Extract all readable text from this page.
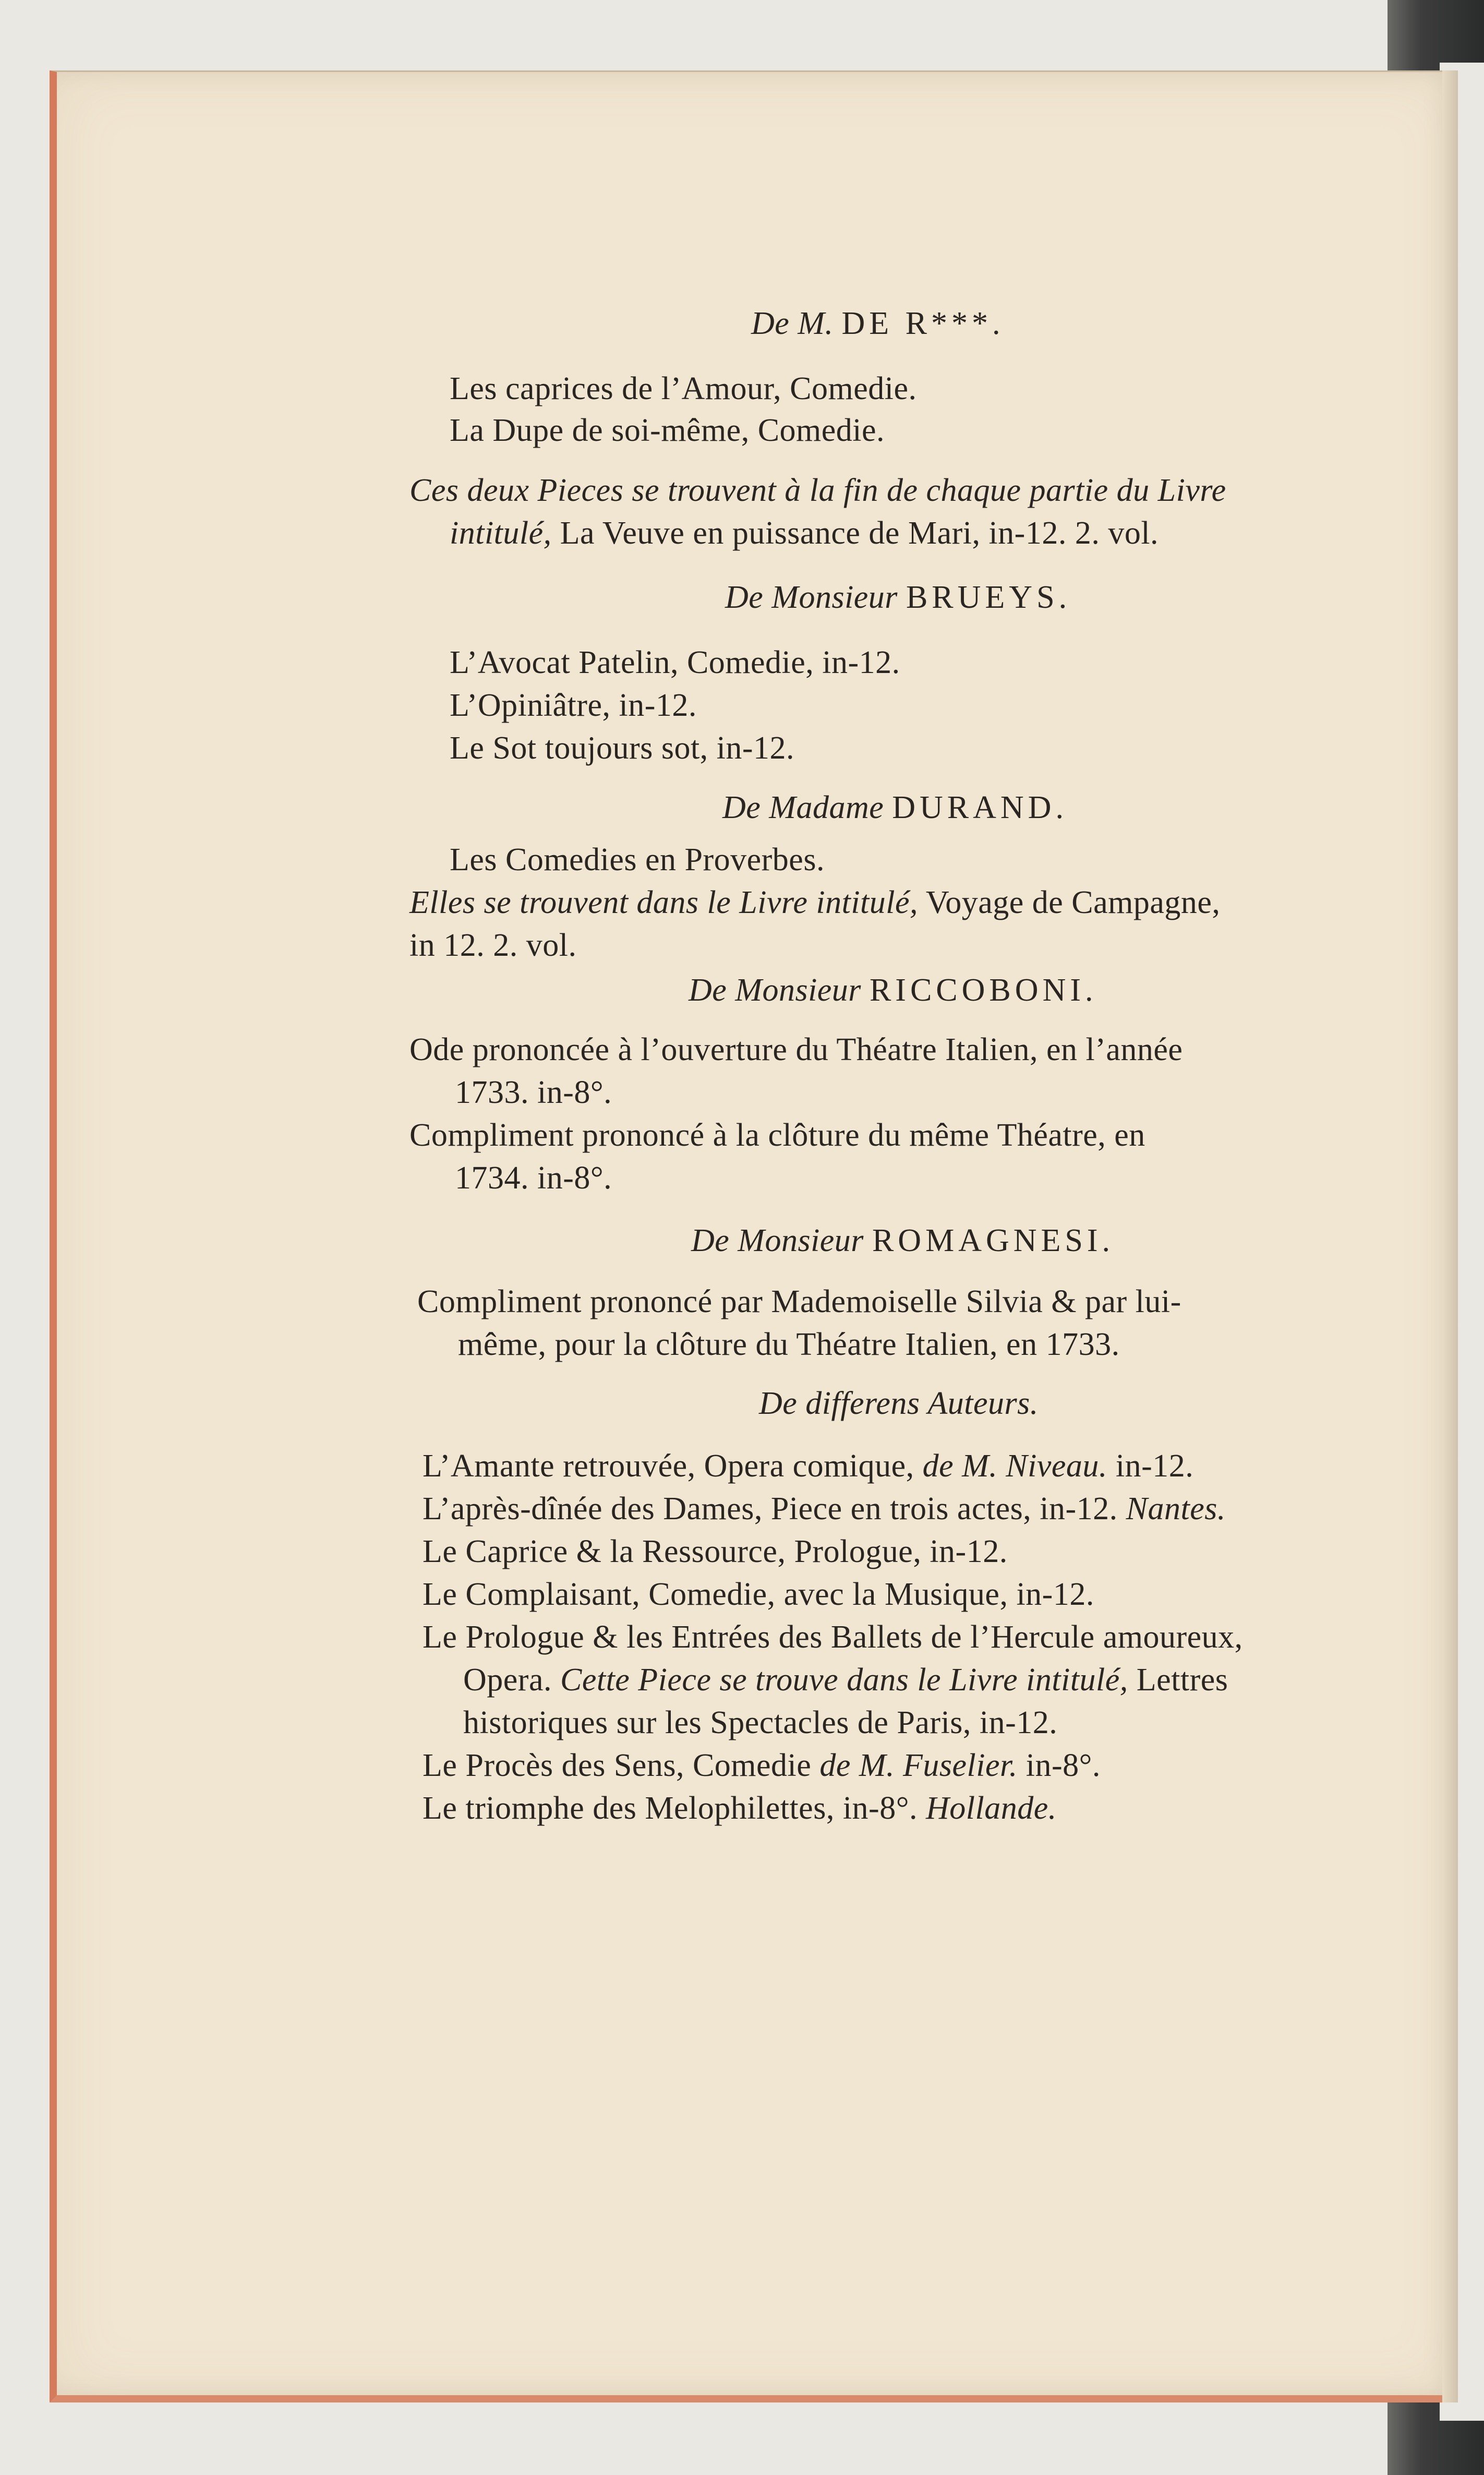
De M. DE R***.
Les caprices de l’Amour, Comedie.
La Dupe de soi-même, Comedie.
Ces deux Pieces se trouvent à la fin de chaque partie du Livre
intitulé, La Veuve en puissance de Mari, in-12. 2. vol.
De Monsieur BRUEYS.
L’Avocat Patelin, Comedie, in-12.
L’Opiniâtre, in-12.
Le Sot toujours sot, in-12.
De Madame DURAND.
Les Comedies en Proverbes.
Elles se trouvent dans le Livre intitulé, Voyage de Campagne,
in 12. 2. vol.
De Monsieur RICCOBONI.
Ode prononcée à l’ouverture du Théatre Italien, en l’année
1733. in-8°.
Compliment prononcé à la clôture du même Théatre, en
1734. in-8°.
De Monsieur ROMAGNESI.
Compliment prononcé par Mademoiselle Silvia & par lui-
même, pour la clôture du Théatre Italien, en 1733.
De differens Auteurs.
L’Amante retrouvée, Opera comique, de M. Niveau. in-12.
L’après-dînée des Dames, Piece en trois actes, in-12. Nantes.
Le Caprice & la Ressource, Prologue, in-12.
Le Complaisant, Comedie, avec la Musique, in-12.
Le Prologue & les Entrées des Ballets de l’Hercule amoureux,
Opera. Cette Piece se trouve dans le Livre intitulé, Lettres
historiques sur les Spectacles de Paris, in-12.
Le Procès des Sens, Comedie de M. Fuselier. in-8°.
Le triomphe des Melophilettes, in-8°. Hollande.
